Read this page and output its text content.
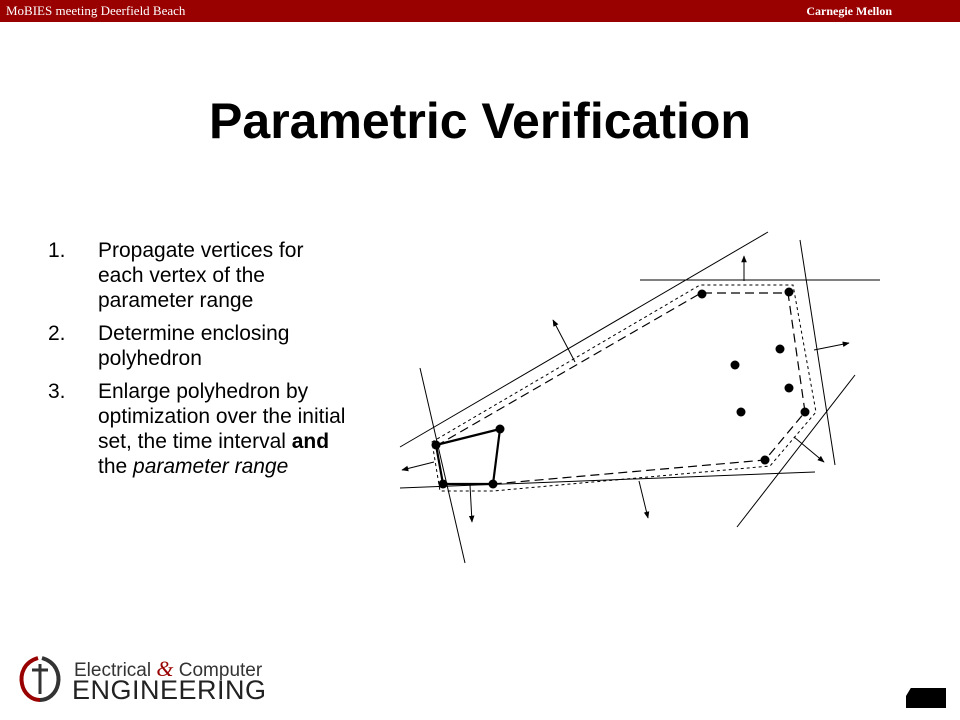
MoBIES meeting Deerfield Beach	Carnegie Mellon
Parametric Verification
1. Propagate vertices for each vertex of the parameter range
2. Determine enclosing polyhedron
3. Enlarge polyhedron by optimization over the initial set, the time interval and the parameter range
Electrical & Computer
ENGINEERING
